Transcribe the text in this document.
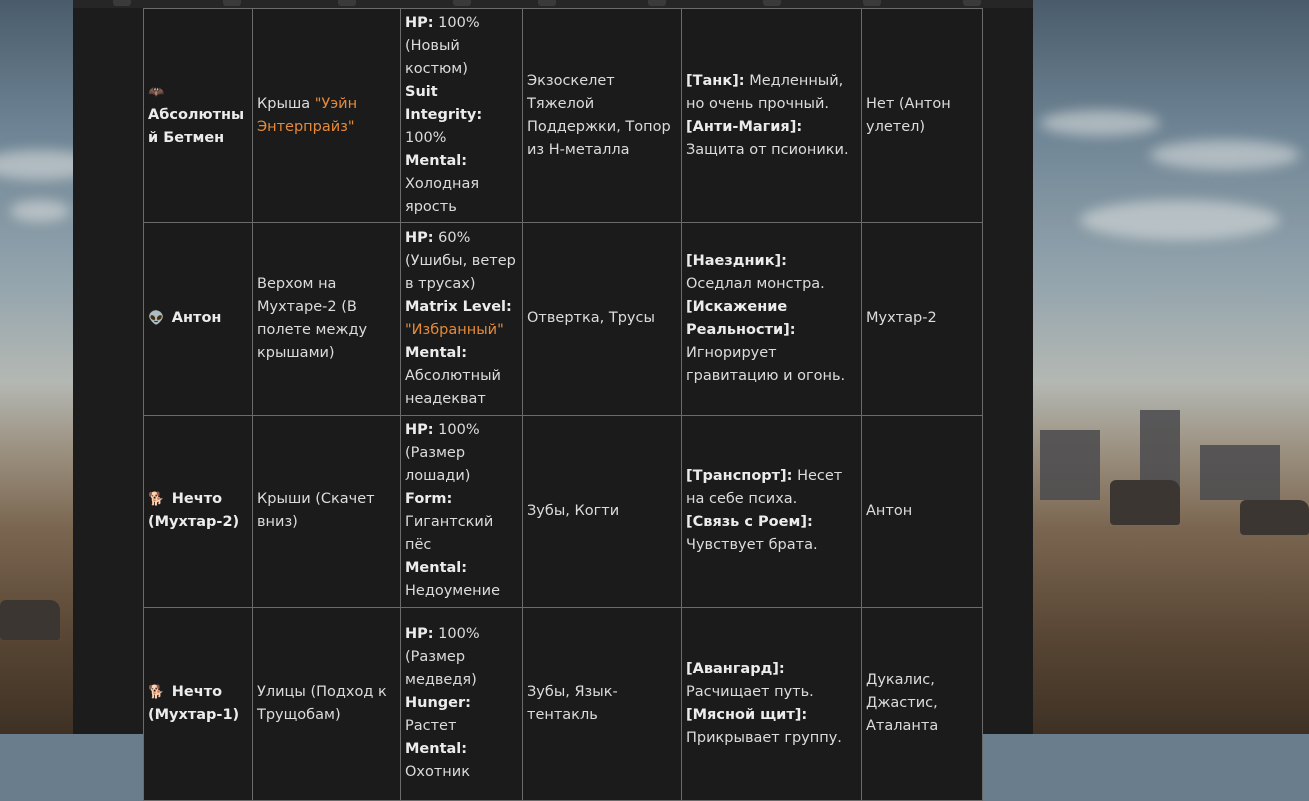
🦇
Абсолютный Бетмен	Крыша "Уэйн Энтерпрайз"	HP: 100% (Новый костюм)
Suit Integrity: 100%
Mental: Холодная ярость	Экзоскелет Тяжелой Поддержки, Топор из Н-металла	[Танк]: Медленный, но очень прочный.
[Анти-Магия]: Защита от псионики.	Нет (Антон улетел)
👽 Антон	Верхом на Мухтаре-2 (В полете между крышами)	HP: 60% (Ушибы, ветер в трусах)
Matrix Level: "Избранный"
Mental: Абсолютный неадекват	Отвертка, Трусы	[Наездник]: Оседлал монстра.
[Искажение Реальности]: Игнорирует гравитацию и огонь.	Мухтар-2
🐕 Нечто (Мухтар-2)	Крыши (Скачет вниз)	HP: 100% (Размер лошади)
Form: Гигантский пёс
Mental: Недоумение	Зубы, Когти	[Транспорт]: Несет на себе психа.
[Связь с Роем]: Чувствует брата.	Антон
🐕 Нечто (Мухтар-1)	Улицы (Подход к Трущобам)	HP: 100% (Размер медведя)
Hunger: Растет
Mental: Охотник	Зубы, Язык-тентакль	[Авангард]: Расчищает путь.
[Мясной щит]: Прикрывает группу.	Дукалис, Джастис, Аталанта
